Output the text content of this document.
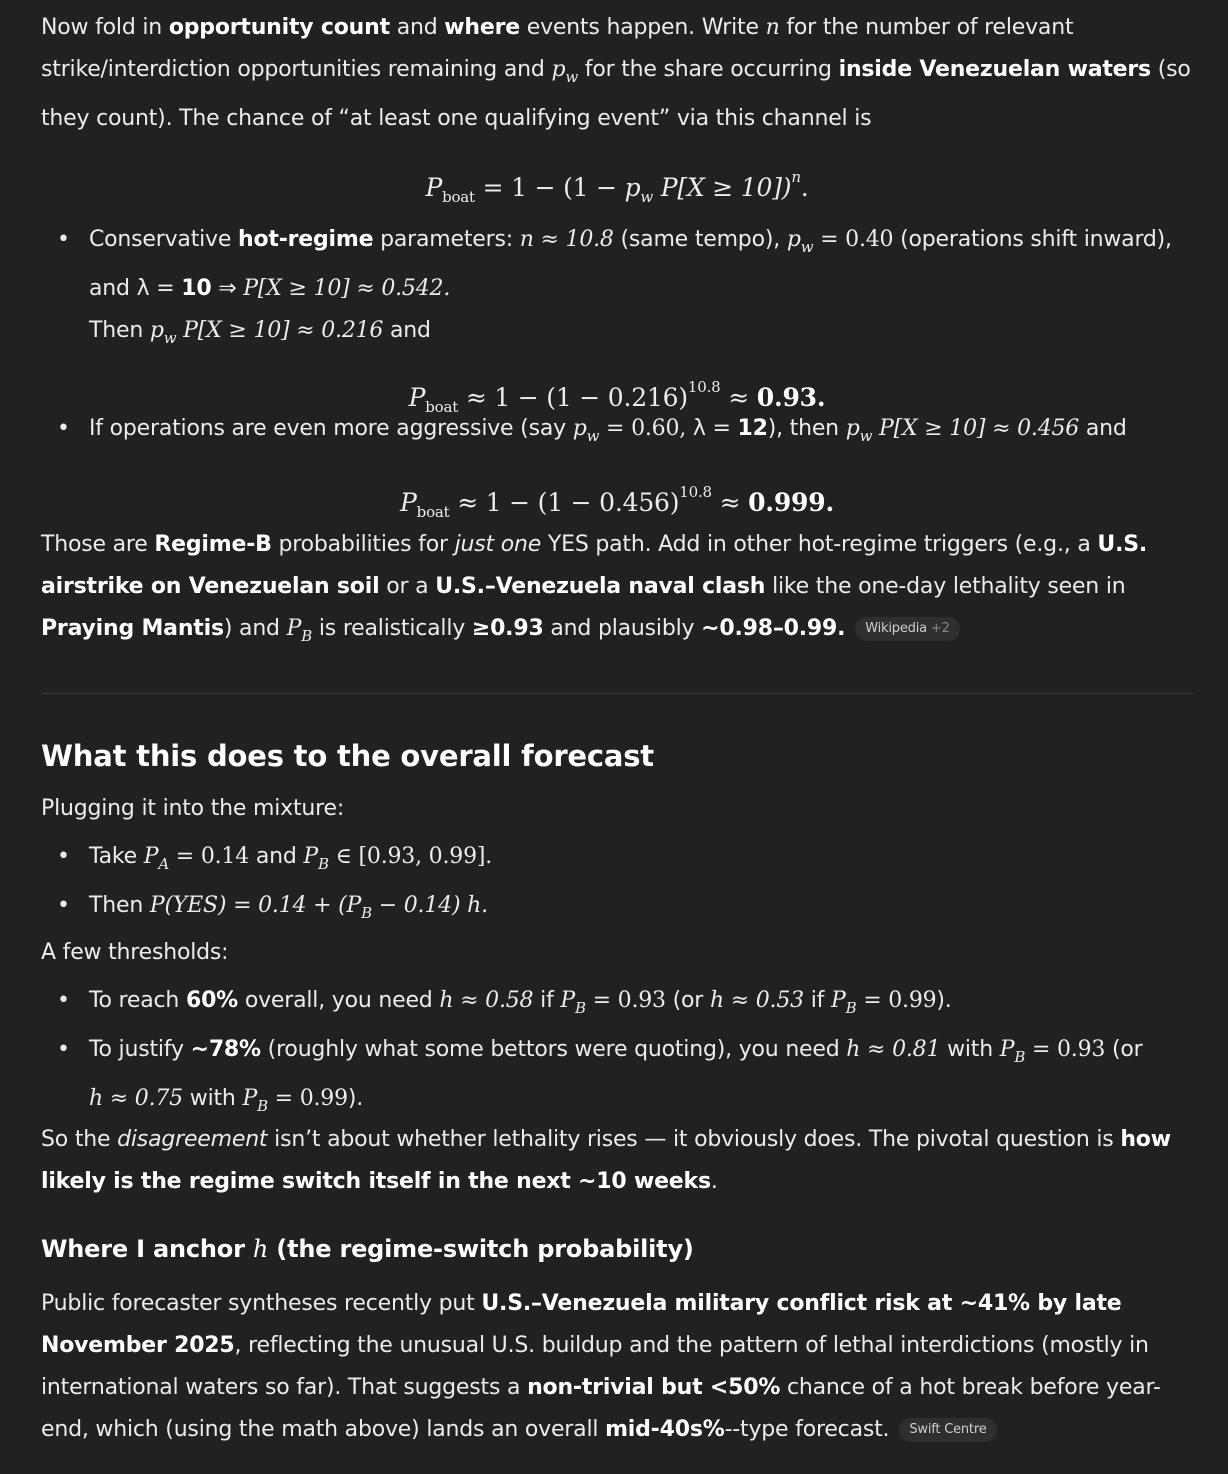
Now fold in opportunity count and where events happen. Write n for the number of relevant strike/interdiction opportunities remaining and $p_w$ for the share occurring inside Venezuelan waters (so they count). The chance of “at least one qualifying event” via this channel is

$P_{boat} = 1 - (1 - p_w$ P[X ≥ 10])$^n$.
• Conservative hot-regime parameters: n ≈ 10.8 (same tempo), $p_w = 0.40$ (operations shift inward),
and λ = 10 ⇒ P[X ≥ 10] ≈ 0.542.
Then $p_w$ P[X ≥ 10] ≈ 0.216 and
$P_{boat} \approx 1 - (1 - 0.216)^{10.8} \approx 0.93$.
• If operations are even more aggressive (say $p_w = 0.60$, λ = 12), then $p_w$ P[X ≥ 10] ≈ 0.456 and
$P_{boat} \approx 1 - (1 - 0.456)^{10.8} \approx 0.999$.

Those are Regime-B probabilities for just one YES path. Add in other hot-regime triggers (e.g., a U.S. airstrike on Venezuelan soil or a U.S.–Venezuela naval clash like the one-day lethality seen in Praying Mantis) and $P_B$ is realistically ≥0.93 and plausibly ~0.98–0.99. Wikipedia +2

What this does to the overall forecast

Plugging it into the mixture:

• Take $P_A = 0.14$ and $P_B$ ∈ [0.93, 0.99].
• Then $P(YES) = 0.14 + (P_B - 0.14)$ h.

A few thresholds:

• To reach 60% overall, you need h ≈ 0.58 if $P_B = 0.93$ (or h ≈ 0.53 if $P_B = 0.99$).
• To justify ~78% (roughly what some bettors were quoting), you need h ≈ 0.81 with $P_B = 0.93$ (or
h ≈ 0.75 with $P_B = 0.99$).

So the disagreement isn’t about whether lethality rises — it obviously does. The pivotal question is how likely is the regime switch itself in the next ~10 weeks.

Where I anchor h (the regime-switch probability)

Public forecaster syntheses recently put U.S.–Venezuela military conflict risk at ~41% by late November 2025, reflecting the unusual U.S. buildup and the pattern of lethal interdictions (mostly in international waters so far). That suggests a non-trivial but <50% chance of a hot break before year-end, which (using the math above) lands an overall mid-40s%--type forecast. Swift Centre
